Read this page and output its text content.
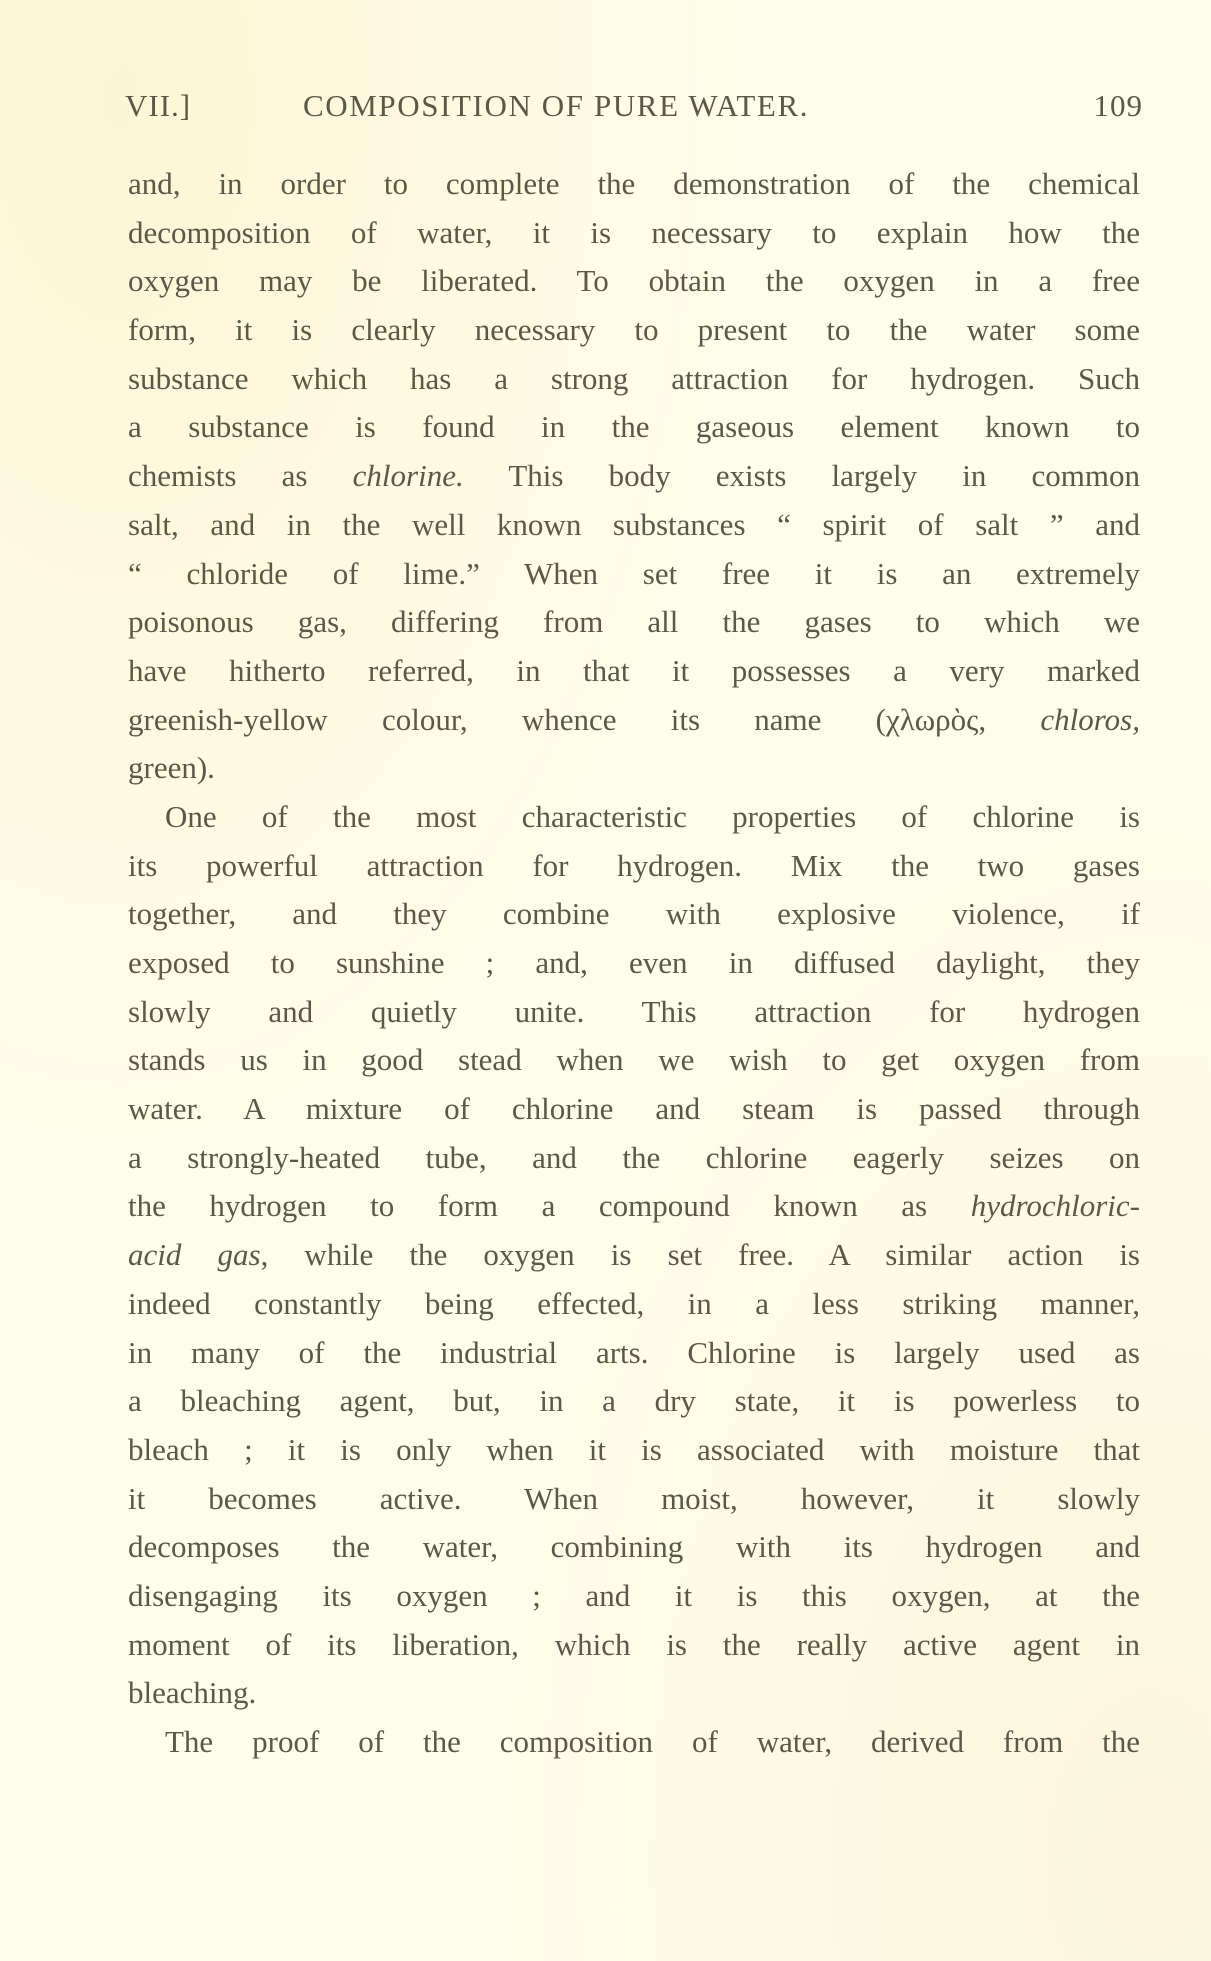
VII.]	COMPOSITION OF PURE WATER.	109
and, in order to complete the demonstration of the chemical
decomposition of water, it is necessary to explain how the
oxygen may be liberated. To obtain the oxygen in a free
form, it is clearly necessary to present to the water some
substance which has a strong attraction for hydrogen. Such
a substance is found in the gaseous element known to
chemists as chlorine. This body exists largely in common
salt, and in the well known substances “ spirit of salt ” and
“ chloride of lime.” When set free it is an extremely
poisonous gas, differing from all the gases to which we
have hitherto referred, in that it possesses a very marked
greenish-yellow colour, whence its name (χλωρὸς, chloros,
green).
One of the most characteristic properties of chlorine is
its powerful attraction for hydrogen. Mix the two gases
together, and they combine with explosive violence, if
exposed to sunshine ; and, even in diffused daylight, they
slowly and quietly unite. This attraction for hydrogen
stands us in good stead when we wish to get oxygen from
water. A mixture of chlorine and steam is passed through
a strongly-heated tube, and the chlorine eagerly seizes on
the hydrogen to form a compound known as hydrochloric-
acid gas, while the oxygen is set free. A similar action is
indeed constantly being effected, in a less striking manner,
in many of the industrial arts. Chlorine is largely used as
a bleaching agent, but, in a dry state, it is powerless to
bleach ; it is only when it is associated with moisture that
it becomes active. When moist, however, it slowly
decomposes the water, combining with its hydrogen and
disengaging its oxygen ; and it is this oxygen, at the
moment of its liberation, which is the really active agent in
bleaching.
The proof of the composition of water, derived from the
